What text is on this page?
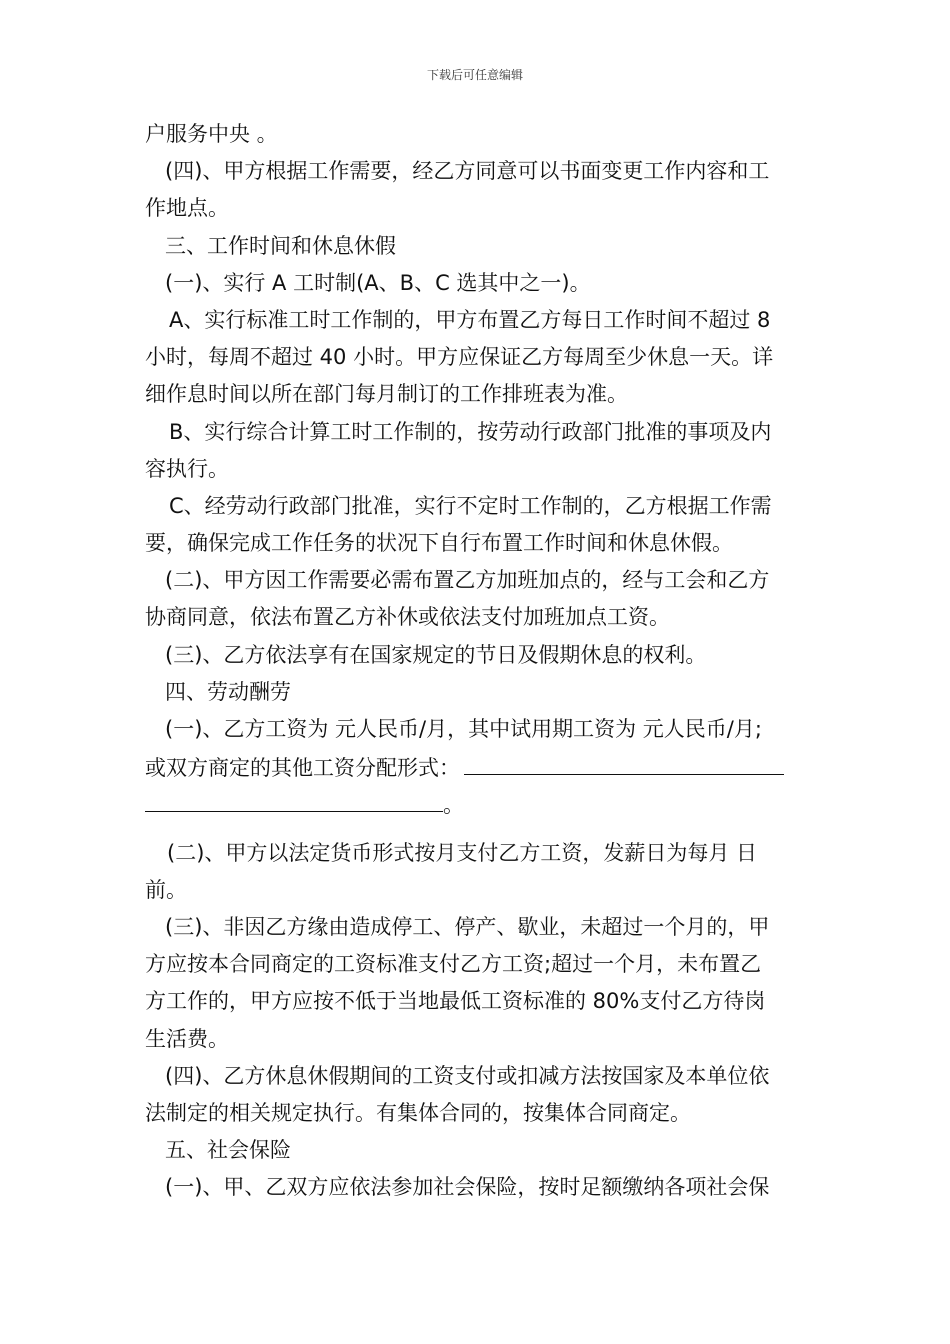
下载后可任意编辑
户服务中央 。
(四)、甲方根据工作需要，经乙方同意可以书面变更工作内容和工
作地点。
三、工作时间和休息休假
(一)、实行 A 工时制(A、B、C 选其中之一)。
A、实行标准工时工作制的，甲方布置乙方每日工作时间不超过 8
小时，每周不超过 40 小时。甲方应保证乙方每周至少休息一天。详
细作息时间以所在部门每月制订的工作排班表为准。
B、实行综合计算工时工作制的，按劳动行政部门批准的事项及内
容执行。
C、经劳动行政部门批准，实行不定时工作制的，乙方根据工作需
要，确保完成工作任务的状况下自行布置工作时间和休息休假。
(二)、甲方因工作需要必需布置乙方加班加点的，经与工会和乙方
协商同意，依法布置乙方补休或依法支付加班加点工资。
(三)、乙方依法享有在国家规定的节日及假期休息的权利。
四、劳动酬劳
(一)、乙方工资为 元人民币/月，其中试用期工资为 元人民币/月;
或双方商定的其他工资分配形式：
。
(二)、甲方以法定货币形式按月支付乙方工资，发薪日为每月 日
前。
(三)、非因乙方缘由造成停工、停产、歇业，未超过一个月的，甲
方应按本合同商定的工资标准支付乙方工资;超过一个月，未布置乙
方工作的，甲方应按不低于当地最低工资标准的 80%支付乙方待岗
生活费。
(四)、乙方休息休假期间的工资支付或扣减方法按国家及本单位依
法制定的相关规定执行。有集体合同的，按集体合同商定。
五、社会保险
(一)、甲、乙双方应依法参加社会保险，按时足额缴纳各项社会保
